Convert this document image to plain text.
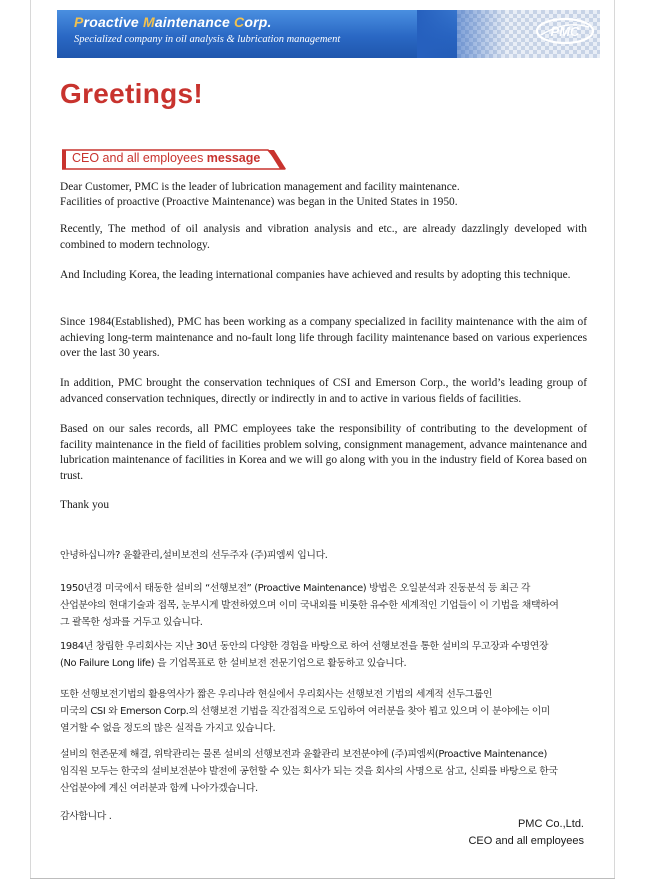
Proactive Maintenance Corp.
Specialized company in oil analysis & lubrication management
PMC
Greetings!
CEO and all employees message

Dear Customer, PMC is the leader of lubrication management and facility maintenance.

Facilities of proactive (Proactive Maintenance) was began in the United States in 1950.

Recently, The method of oil analysis and vibration analysis and etc., are already dazzlingly developed with combined to modern technology.

And Including Korea, the leading international companies have achieved and results by adopting this technique.

Since 1984(Established), PMC has been working as a company specialized in facility maintenance with the aim of achieving long-term maintenance and no-fault long life through facility maintenance based on various experiences over the last 30 years.

In addition, PMC brought the conservation techniques of CSI and Emerson Corp., the world’s leading group of advanced conservation techniques, directly or indirectly in and to active in various fields of facilities.

Based on our sales records, all PMC employees take the responsibility of contributing to the development of facility maintenance in the field of facilities problem solving, consignment management, advance maintenance and lubrication maintenance of facilities in Korea and we will go along with you in the industry field of Korea based on trust.

Thank you

안녕하십니까? 윤활관리,설비보전의 선두주자 (주)피엠씨 입니다.

1950년경 미국에서 태동한 설비의 “선행보전” (Proactive Maintenance) 방법은 오일분석과 진동분석 등 최근 각

산업분야의 현대기술과 접목, 눈부시게 발전하였으며 이미 국내외를 비롯한 유수한 세계적인 기업들이 이 기법을 채택하여

그 괄목한 성과를 거두고 있습니다.

1984년 창립한 우리회사는 지난 30년 동안의 다양한 경험을 바탕으로 하여 선행보전을 통한 설비의 무고장과 수명연장

(No Failure Long life) 을 기업목표로 한 설비보전 전문기업으로 활동하고 있습니다.

또한 선행보전기법의 활용역사가 짧은 우리나라 현실에서 우리회사는 선행보전 기법의 세계적 선두그룹인

미국의 CSI 와 Emerson Corp.의 선행보전 기법을 직간접적으로 도입하여 여러분을 찾아 뵙고 있으며 이 분야에는 이미

열거할 수 없을 정도의 많은 실적을 가지고 있습니다.

설비의 현존문제 해결, 위탁관리는 물론 설비의 선행보전과 윤활관리 보전분야에 (주)피엠씨(Proactive Maintenance)

임직원 모두는 한국의 설비보전분야 발전에 공헌할 수 있는 회사가 되는 것을 회사의 사명으로 삼고, 신뢰를 바탕으로 한국

산업분야에 계신 여러분과 함께 나아가겠습니다.

감사합니다 .

PMC Co.,Ltd.

CEO and all employees
